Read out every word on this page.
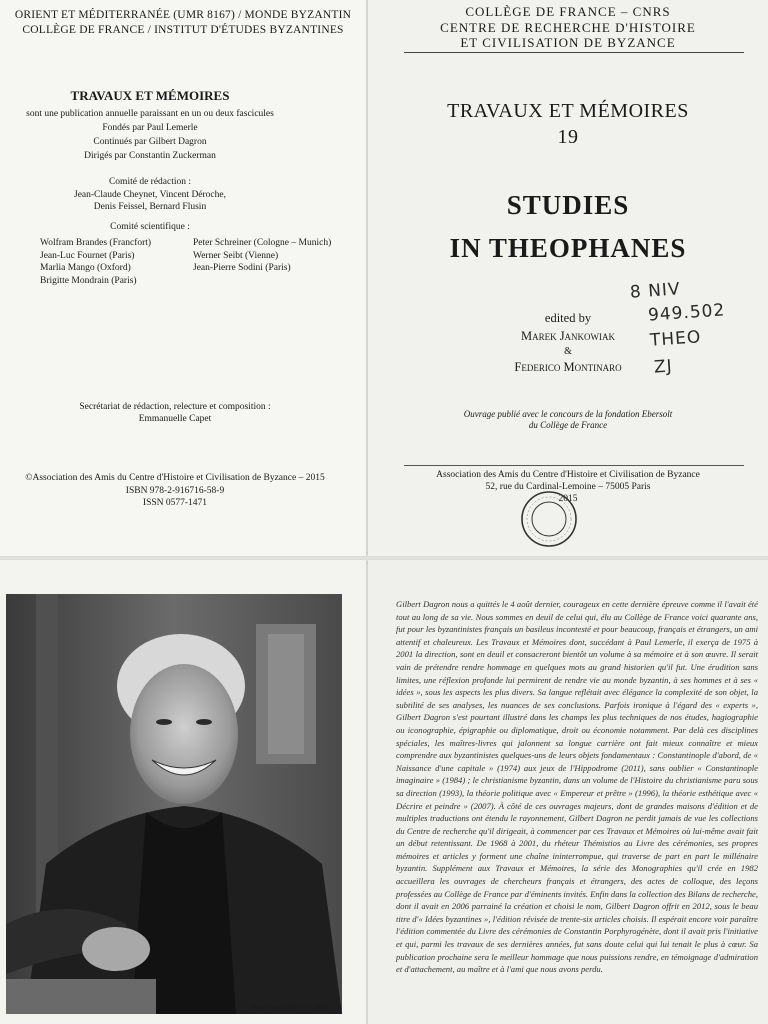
ORIENT ET MÉDITERRANÉE (UMR 8167) / MONDE BYZANTIN
COLLÈGE DE FRANCE / INSTITUT D'ÉTUDES BYZANTINES
TRAVAUX ET MÉMOIRES
sont une publication annuelle paraissant en un ou deux fascicules
Fondés par Paul Lemerle
Continués par Gilbert Dagron
Dirigés par Constantin Zuckerman
Comité de rédaction :
Jean-Claude Cheynet, Vincent Déroche,
Denis Feissel, Bernard Flusin
Comité scientifique :
Wolfram Brandes (Francfort)
Jean-Luc Fournet (Paris)
Marlia Mango (Oxford)
Brigitte Mondrain (Paris)
Peter Schreiner (Cologne – Munich)
Werner Seibt (Vienne)
Jean-Pierre Sodini (Paris)
Secrétariat de rédaction, relecture et composition :
Emmanuelle Capet
©Association des Amis du Centre d'Histoire et Civilisation de Byzance – 2015
ISBN 978-2-916716-58-9
ISSN 0577-1471
COLLÈGE DE FRANCE – CNRS
CENTRE DE RECHERCHE D'HISTOIRE
ET CIVILISATION DE BYZANCE
TRAVAUX ET MÉMOIRES
19
STUDIES
IN THEOPHANES
edited by
Marek Jankowiak
&
Federico Montinaro
Ouvrage publié avec le concours de la fondation Ebersolt
du Collège de France
Association des Amis du Centre d'Histoire et Civilisation de Byzance
52, rue du Cardinal-Lemoine – 75005 Paris
2015
8 NIV
949.502
THEO
ZJ
Paris, 4 mars 2007 © C. Hélie
Gilbert Dagron nous a quittés le 4 août dernier, courageux en cette dernière épreuve comme il l'avait été tout au long de sa vie. Nous sommes en deuil de celui qui, élu au Collège de France voici quarante ans, fut pour les byzantinistes français un basileus incontesté et pour beaucoup, français et étrangers, un ami attentif et chaleureux. Les Travaux et Mémoires dont, succédant à Paul Lemerle, il exerça de 1975 à 2001 la direction, sont en deuil et consacreront bientôt un volume à sa mémoire et à son œuvre. Il serait vain de prétendre rendre hommage en quelques mots au grand historien qu'il fut. Une érudition sans limites, une réflexion profonde lui permirent de rendre vie au monde byzantin, à ses hommes et à ses « idées », sous les aspects les plus divers. Sa langue reflétait avec élégance la complexité de son objet, la subtilité de ses analyses, les nuances de ses conclusions. Parfois ironique à l'égard des « experts », Gilbert Dagron s'est pourtant illustré dans les champs les plus techniques de nos études, hagiographie ou iconographie, épigraphie ou diplomatique, droit ou économie notamment. Par delà ces disciplines spéciales, les maîtres-livres qui jalonnent sa longue carrière ont fait mieux connaître et mieux comprendre aux byzantinistes quelques-uns de leurs objets fondamentaux : Constantinople d'abord, de « Naissance d'une capitale » (1974) aux jeux de l'Hippodrome (2011), sans oublier « Constantinople imaginaire » (1984) ; le christianisme byzantin, dans un volume de l'Histoire du christianisme paru sous sa direction (1993), la théorie politique avec « Empereur et prêtre » (1996), la théorie esthétique avec « Décrire et peindre » (2007). À côté de ces ouvrages majeurs, dont de grandes maisons d'édition et de multiples traductions ont étendu le rayonnement, Gilbert Dagron ne perdit jamais de vue les collections du Centre de recherche qu'il dirigeait, à commencer par ces Travaux et Mémoires où lui-même avait fait un début retentissant. De 1968 à 2001, du rhéteur Thémistios au Livre des cérémonies, ses propres mémoires et articles y forment une chaîne ininterrompue, qui traverse de part en part le millénaire byzantin. Supplément aux Travaux et Mémoires, la série des Monographies qu'il crée en 1982 accueillera les ouvrages de chercheurs français et étrangers, des actes de colloque, des leçons professées au Collège de France par d'éminents invités. Enfin dans la collection des Bilans de recherche, dont il avait en 2006 parrainé la création et choisi le nom, Gilbert Dagron offrit en 2012, sous le beau titre d'« Idées byzantines », l'édition révisée de trente-six articles choisis. Il espérait encore voir paraître l'édition commentée du Livre des cérémonies de Constantin Porphyrogénète, dont il avait pris l'initiative et qui, parmi les travaux de ses dernières années, fut sans doute celui qui lui tenait le plus à cœur. Sa publication prochaine sera le meilleur hommage que nous puissions rendre, en témoignage d'admiration et d'attachement, au maître et à l'ami que nous avons perdu.
